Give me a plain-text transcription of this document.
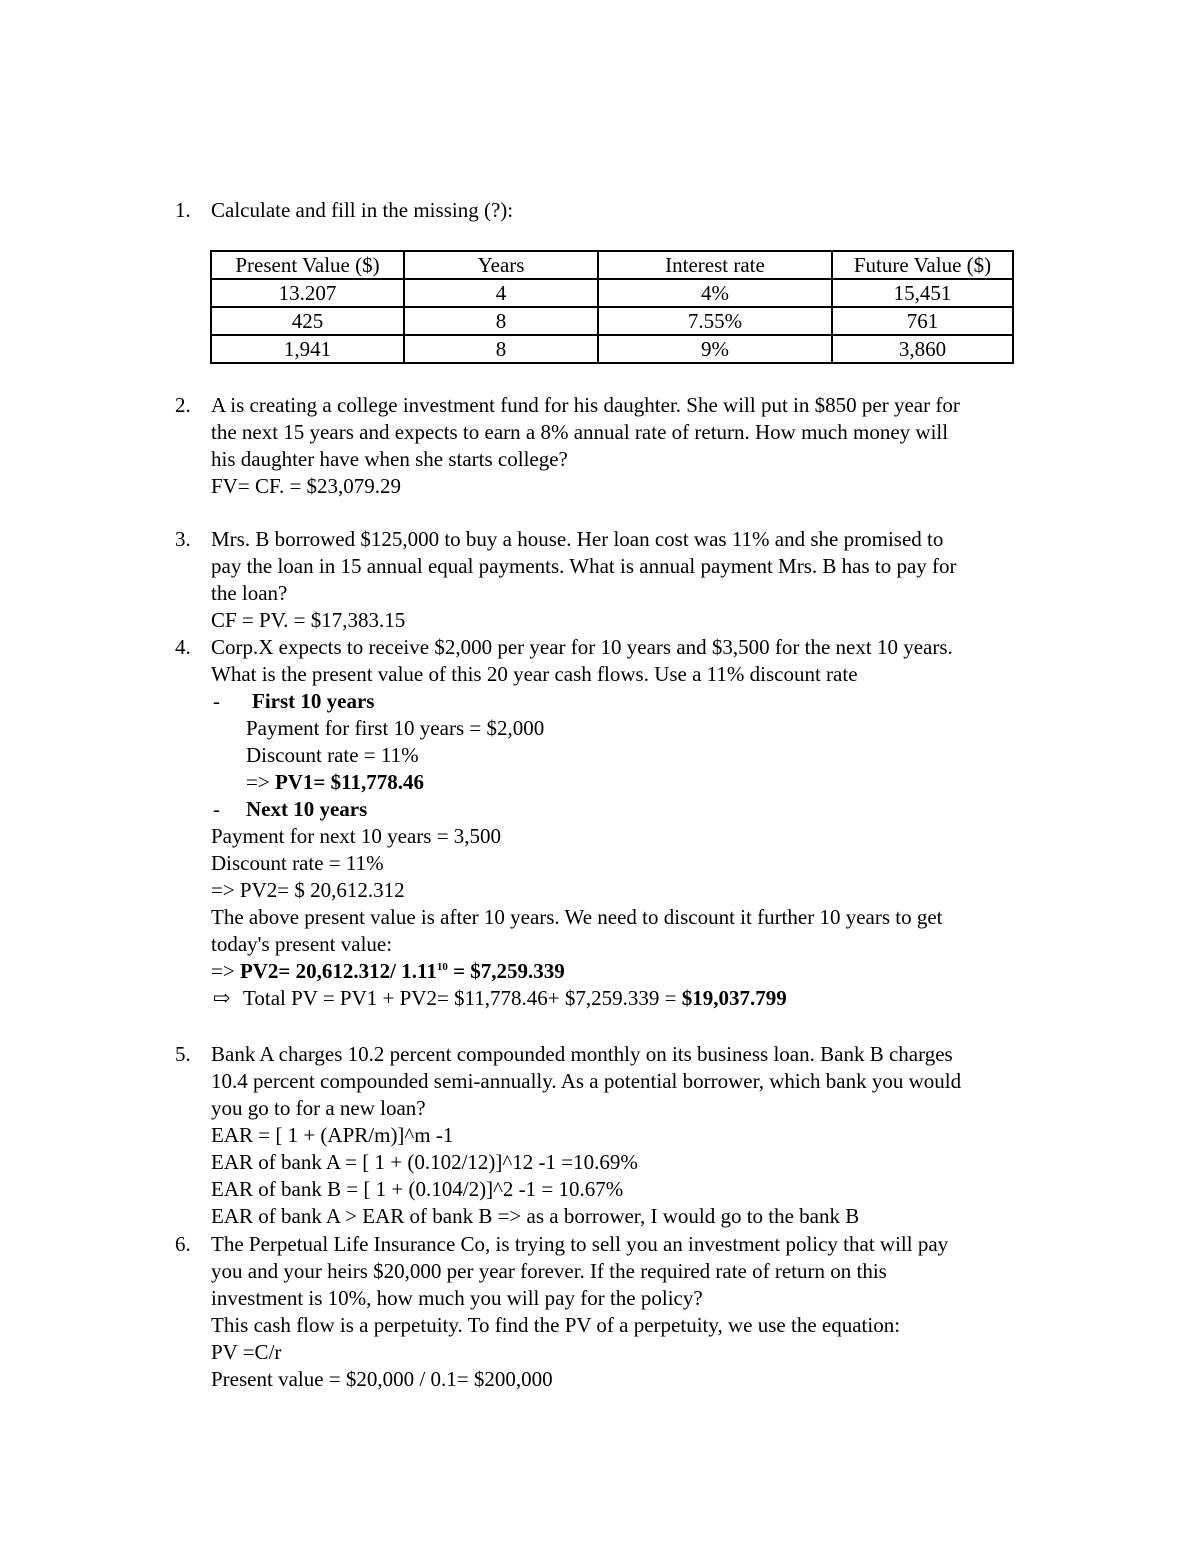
1. Calculate and fill in the missing (?):
Present Value ($)	Years	Interest rate	Future Value ($)
13.207	4	4%	15,451
425	8	7.55%	761
1,941	8	9%	3,860
2. A is creating a college investment fund for his daughter. She will put in $850 per year for
the next 15 years and expects to earn a 8% annual rate of return. How much money will
his daughter have when she starts college?
FV= CF. = $23,079.29
3. Mrs. B borrowed $125,000 to buy a house. Her loan cost was 11% and she promised to
pay the loan in 15 annual equal payments. What is annual payment Mrs. B has to pay for
the loan?
CF = PV. = $17,383.15
4. Corp.X expects to receive $2,000 per year for 10 years and $3,500 for the next 10 years.
What is the present value of this 20 year cash flows. Use a 11% discount rate
- First 10 years
Payment for first 10 years = $2,000
Discount rate = 11%
=> PV1= $11,778.46
- Next 10 years
Payment for next 10 years = 3,500
Discount rate = 11%
=> PV2= $ 20,612.312
The above present value is after 10 years. We need to discount it further 10 years to get
today's present value:
=> PV2= 20,612.312/ $1.11^{10}$ = $7,259.339
⇨ Total PV = PV1 + PV2= $11,778.46+ $7,259.339 = $19,037.799
5. Bank A charges 10.2 percent compounded monthly on its business loan. Bank B charges
10.4 percent compounded semi-annually. As a potential borrower, which bank you would
you go to for a new loan?
EAR = [ 1 + (APR/m)]^m -1
EAR of bank A = [ 1 + (0.102/12)]^12 -1 =10.69%
EAR of bank B = [ 1 + (0.104/2)]^2 -1 = 10.67%
EAR of bank A > EAR of bank B => as a borrower, I would go to the bank B
6. The Perpetual Life Insurance Co, is trying to sell you an investment policy that will pay
you and your heirs $20,000 per year forever. If the required rate of return on this
investment is 10%, how much you will pay for the policy?
This cash flow is a perpetuity. To find the PV of a perpetuity, we use the equation:
PV =C/r
Present value = $20,000 / 0.1= $200,000
